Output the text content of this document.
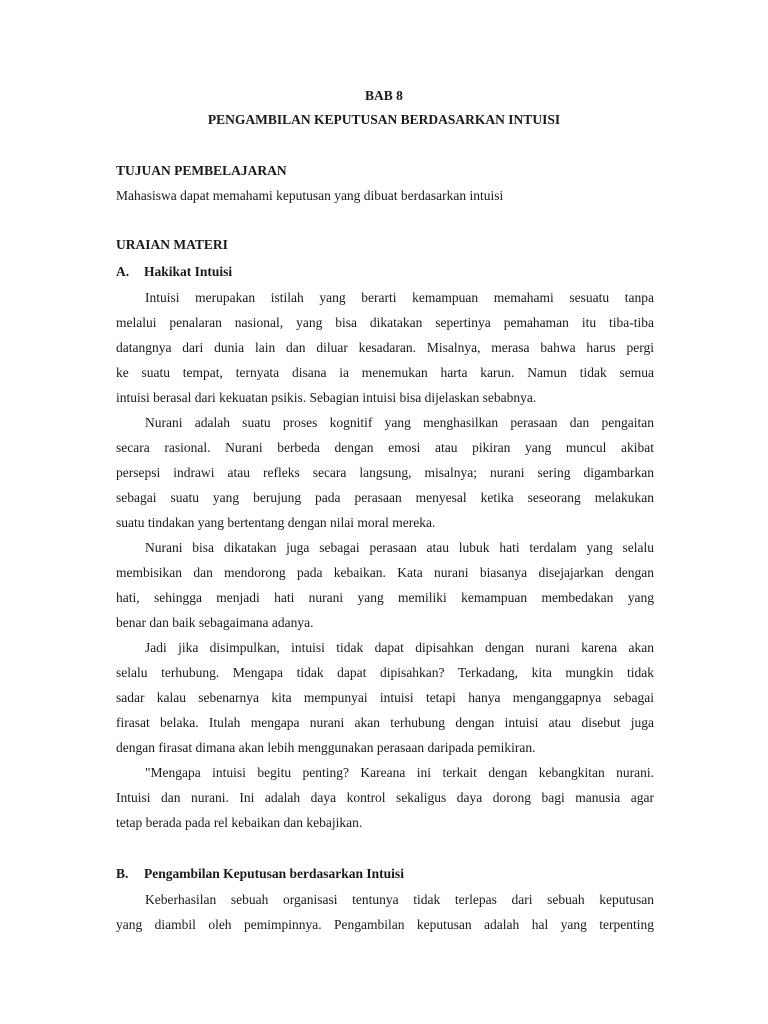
BAB 8
PENGAMBILAN KEPUTUSAN BERDASARKAN INTUISI
TUJUAN PEMBELAJARAN
Mahasiswa dapat memahami keputusan yang dibuat berdasarkan intuisi
URAIAN MATERI
A. Hakikat Intuisi
Intuisi merupakan istilah yang berarti kemampuan memahami sesuatu tanpa
melalui penalaran nasional, yang bisa dikatakan sepertinya pemahaman itu tiba-tiba
datangnya dari dunia lain dan diluar kesadaran. Misalnya, merasa bahwa harus pergi
ke suatu tempat, ternyata disana ia menemukan harta karun. Namun tidak semua
intuisi berasal dari kekuatan psikis. Sebagian intuisi bisa dijelaskan sebabnya.
Nurani adalah suatu proses kognitif yang menghasilkan perasaan dan pengaitan
secara rasional. Nurani berbeda dengan emosi atau pikiran yang muncul akibat
persepsi indrawi atau refleks secara langsung, misalnya; nurani sering digambarkan
sebagai suatu yang berujung pada perasaan menyesal ketika seseorang melakukan
suatu tindakan yang bertentang dengan nilai moral mereka.
Nurani bisa dikatakan juga sebagai perasaan atau lubuk hati terdalam yang selalu
membisikan dan mendorong pada kebaikan. Kata nurani biasanya disejajarkan dengan
hati, sehingga menjadi hati nurani yang memiliki kemampuan membedakan yang
benar dan baik sebagaimana adanya.
Jadi jika disimpulkan, intuisi tidak dapat dipisahkan dengan nurani karena akan
selalu terhubung. Mengapa tidak dapat dipisahkan? Terkadang, kita mungkin tidak
sadar kalau sebenarnya kita mempunyai intuisi tetapi hanya menganggapnya sebagai
firasat belaka. Itulah mengapa nurani akan terhubung dengan intuisi atau disebut juga
dengan firasat dimana akan lebih menggunakan perasaan daripada pemikiran.
"Mengapa intuisi begitu penting? Kareana ini terkait dengan kebangkitan nurani.
Intuisi dan nurani. Ini adalah daya kontrol sekaligus daya dorong bagi manusia agar
tetap berada pada rel kebaikan dan kebajikan.
B. Pengambilan Keputusan berdasarkan Intuisi
Keberhasilan sebuah organisasi tentunya tidak terlepas dari sebuah keputusan
yang diambil oleh pemimpinnya. Pengambilan keputusan adalah hal yang terpenting
